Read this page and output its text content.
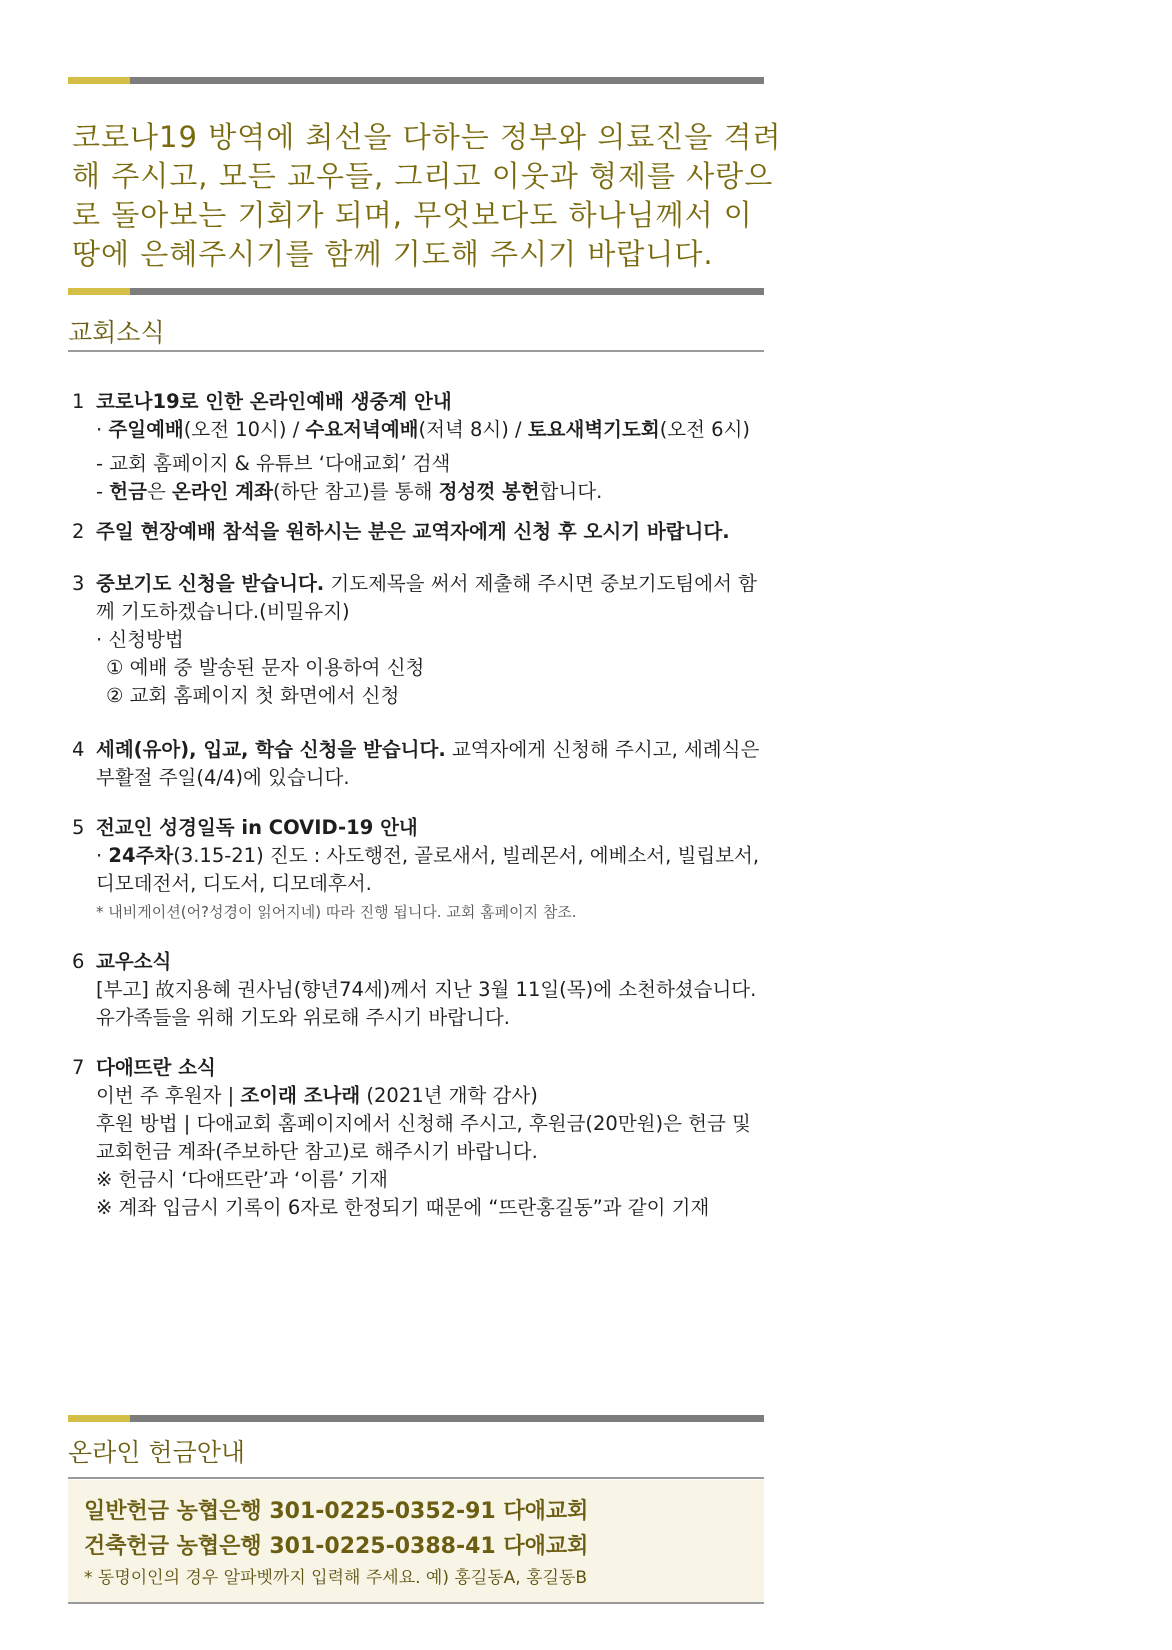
코로나19 방역에 최선을 다하는 정부와 의료진을 격려
해 주시고, 모든 교우들, 그리고 이웃과 형제를 사랑으
로 돌아보는 기회가 되며, 무엇보다도 하나님께서 이
땅에 은혜주시기를 함께 기도해 주시기 바랍니다.
교회소식
1 코로나19로 인한 온라인예배 생중계 안내
· 주일예배(오전 10시) / 수요저녁예배(저녁 8시) / 토요새벽기도회(오전 6시)
- 교회 홈페이지 & 유튜브 ‘다애교회’ 검색
- 헌금은 온라인 계좌(하단 참고)를 통해 정성껏 봉헌합니다.
2 주일 현장예배 참석을 원하시는 분은 교역자에게 신청 후 오시기 바랍니다.
3 중보기도 신청을 받습니다. 기도제목을 써서 제출해 주시면 중보기도팀에서 함
께 기도하겠습니다.(비밀유지)
· 신청방법
① 예배 중 발송된 문자 이용하여 신청
② 교회 홈페이지 첫 화면에서 신청
4 세례(유아), 입교, 학습 신청을 받습니다. 교역자에게 신청해 주시고, 세례식은
부활절 주일(4/4)에 있습니다.
5 전교인 성경일독 in COVID-19 안내
· 24주차(3.15-21) 진도 : 사도행전, 골로새서, 빌레몬서, 에베소서, 빌립보서,
디모데전서, 디도서, 디모데후서.
* 내비게이션(어?성경이 읽어지네) 따라 진행 됩니다. 교회 홈페이지 참조.
6 교우소식
[부고] 故지용혜 권사님(향년74세)께서 지난 3월 11일(목)에 소천하셨습니다.
유가족들을 위해 기도와 위로해 주시기 바랍니다.
7 다애뜨란 소식
이번 주 후원자 | 조이래 조나래 (2021년 개학 감사)
후원 방법 | 다애교회 홈페이지에서 신청해 주시고, 후원금(20만원)은 헌금 및
교회헌금 계좌(주보하단 참고)로 해주시기 바랍니다.
※ 헌금시 ‘다애뜨란’과 ‘이름’ 기재
※ 계좌 입금시 기록이 6자로 한정되기 때문에 “뜨란홍길동”과 같이 기재
온라인 헌금안내
일반헌금 농협은행 301-0225-0352-91 다애교회
건축헌금 농협은행 301-0225-0388-41 다애교회
* 동명이인의 경우 알파벳까지 입력해 주세요. 예) 홍길동A, 홍길동B
